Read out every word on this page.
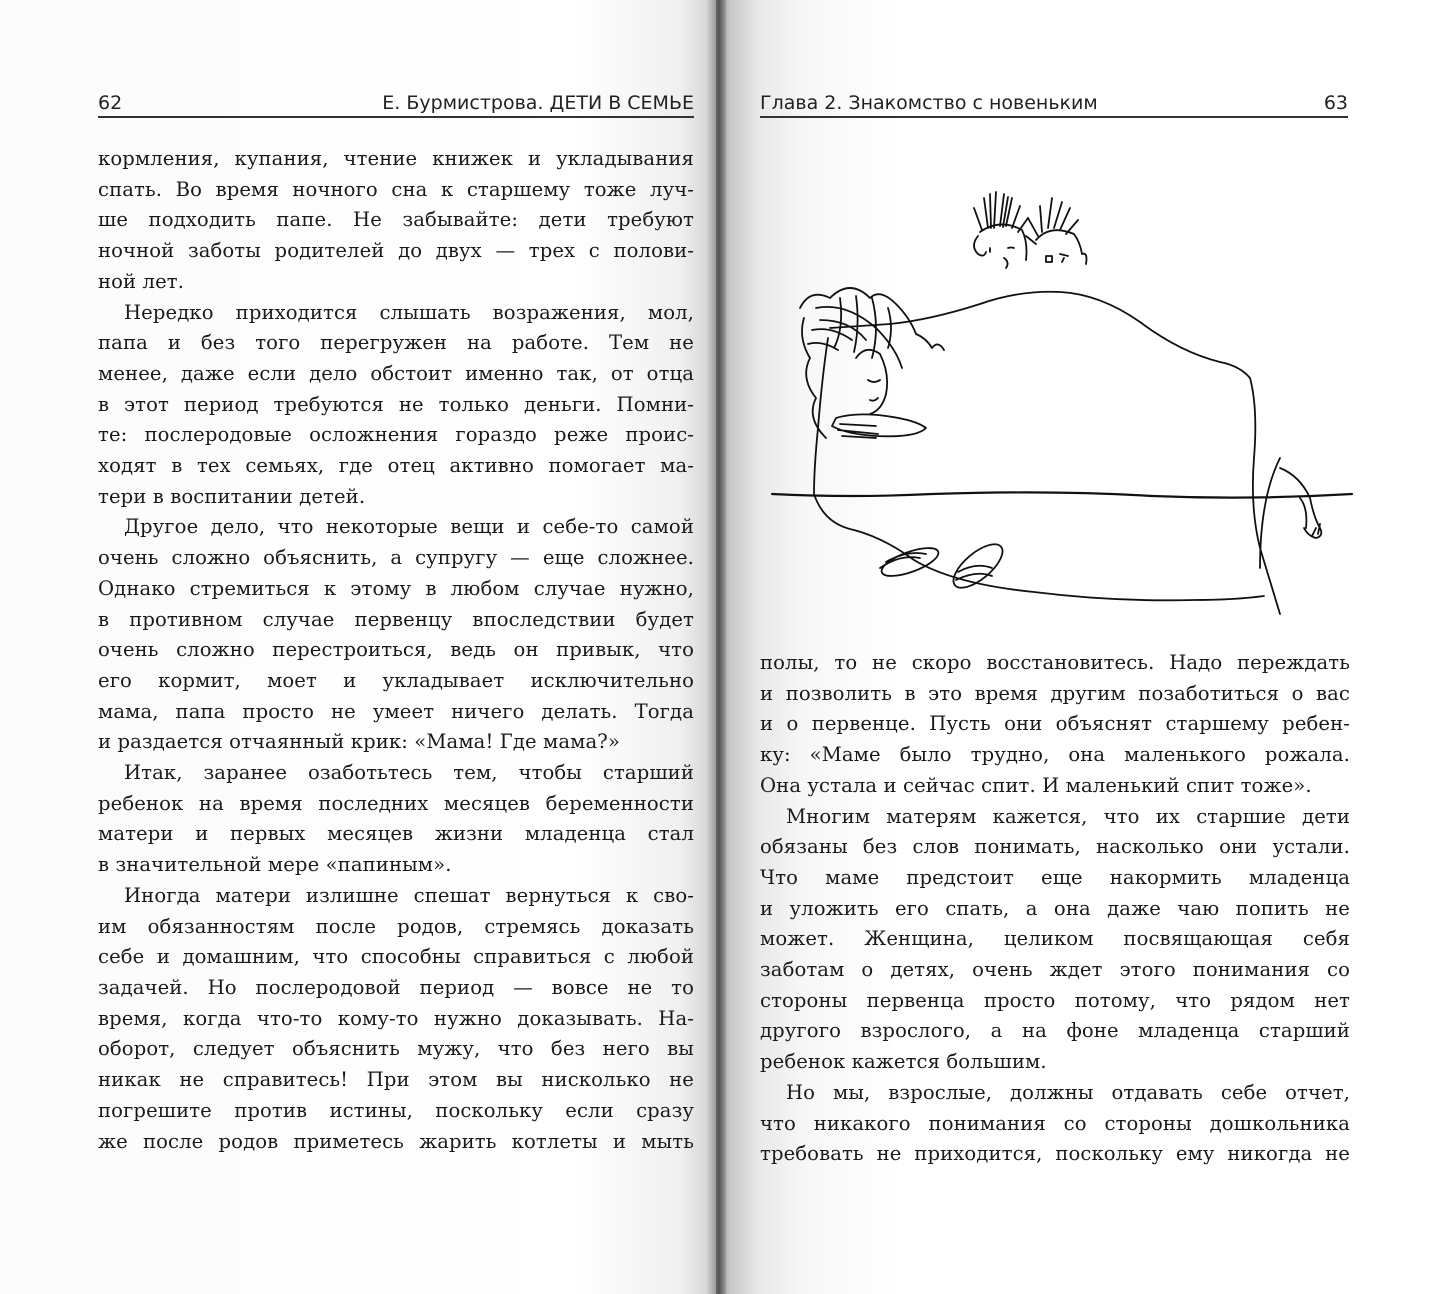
62	Е. Бурмистрова. ДЕТИ В СЕМЬЕ
кормления, купания, чтение книжек и укладывания
спать. Во время ночного сна к старшему тоже луч-
ше подходить папе. Не забывайте: дети требуют
ночной заботы родителей до двух — трех с полови-
ной лет.
Нередко приходится слышать возражения, мол,
папа и без того перегружен на работе. Тем не
менее, даже если дело обстоит именно так, от отца
в этот период требуются не только деньги. Помни-
те: послеродовые осложнения гораздо реже проис-
ходят в тех семьях, где отец активно помогает ма-
тери в воспитании детей.
Другое дело, что некоторые вещи и себе-то самой
очень сложно объяснить, а супругу — еще сложнее.
Однако стремиться к этому в любом случае нужно,
в противном случае первенцу впоследствии будет
очень сложно перестроиться, ведь он привык, что
его кормит, моет и укладывает исключительно
мама, папа просто не умеет ничего делать. Тогда
и раздается отчаянный крик: «Мама! Где мама?»
Итак, заранее озаботьтесь тем, чтобы старший
ребенок на время последних месяцев беременности
матери и первых месяцев жизни младенца стал
в значительной мере «папиным».
Иногда матери излишне спешат вернуться к сво-
им обязанностям после родов, стремясь доказать
себе и домашним, что способны справиться с любой
задачей. Но послеродовой период — вовсе не то
время, когда что-то кому-то нужно доказывать. На-
оборот, следует объяснить мужу, что без него вы
никак не справитесь! При этом вы нисколько не
погрешите против истины, поскольку если сразу
же после родов приметесь жарить котлеты и мыть
Глава 2. Знакомство с новеньким	63
полы, то не скоро восстановитесь. Надо переждать
и позволить в это время другим позаботиться о вас
и о первенце. Пусть они объяснят старшему ребен-
ку: «Маме было трудно, она маленького рожала.
Она устала и сейчас спит. И маленький спит тоже».
Многим матерям кажется, что их старшие дети
обязаны без слов понимать, насколько они устали.
Что маме предстоит еще накормить младенца
и уложить его спать, а она даже чаю попить не
может. Женщина, целиком посвящающая себя
заботам о детях, очень ждет этого понимания со
стороны первенца просто потому, что рядом нет
другого взрослого, а на фоне младенца старший
ребенок кажется большим.
Но мы, взрослые, должны отдавать себе отчет,
что никакого понимания со стороны дошкольника
требовать не приходится, поскольку ему никогда не
